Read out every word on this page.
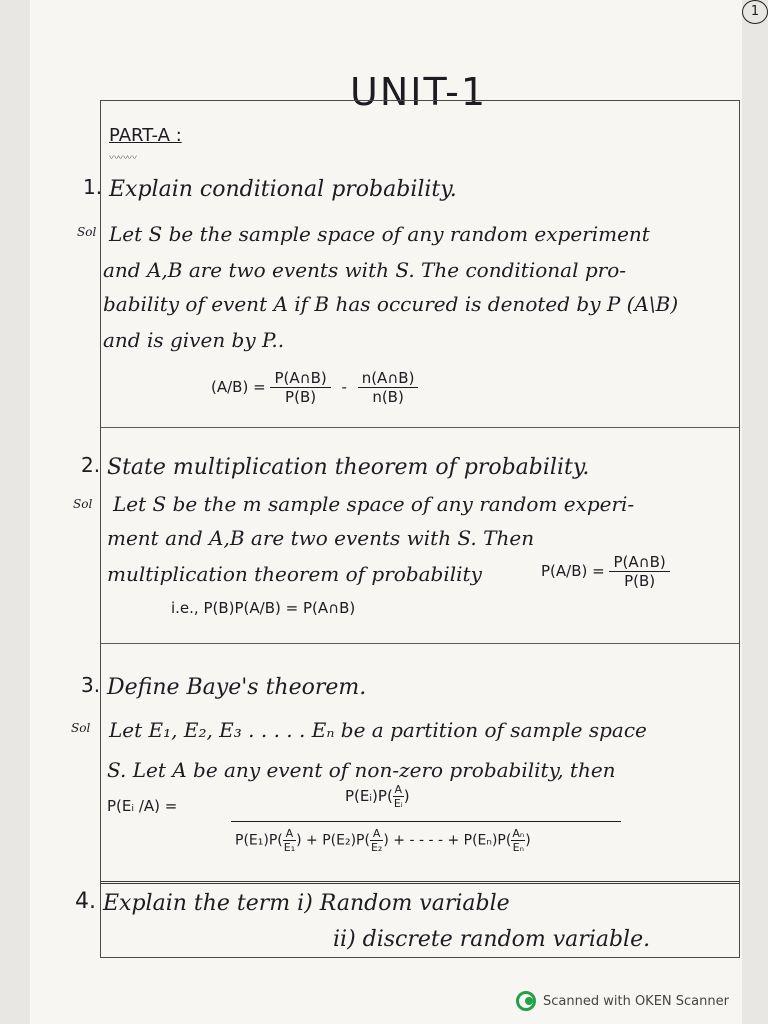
1
UNIT-1
PART-A :
〰〰〰
1. Explain conditional probability.
Sol Let S be the sample space of any random experiment
and A,B are two events with S. The conditional pro-
bability of event A if B has occured is denoted by P (A\B)
and is given by P..
$(A/B) = \frac{P(A\cap B)}{P(B)} - \frac{n(A\cap B)}{n(B)}$
2. State multiplication theorem of probability.
Sol Let S be the m sample space of any random experi-
ment and A,B are two events with S. Then
multiplication theorem of probability	$P(A/B) = \frac{P(A\cap B)}{P(B)}$
i.e., P(B)P(A/B) = P(A∩B)
3. Define Baye's theorem.
Sol Let E₁, E₂, E₃ . . . . . Eₙ be a partition of sample space
S. Let A be any event of non-zero probability, then
P(Eᵢ /A) =
P(Eᵢ)P( $\frac{A}{\text{Eᵢ}}$ )
$P(E_1)P( \frac{A}{\text{E₁}}$ ) + $P(E_2)P( \frac{A}{\text{E₂}}$ ) + - - - - + $P(E_n)P( \frac{\text{Aₙ}}{\text{Eₙ}}$ )
4. Explain the term i) Random variable
ii) discrete random variable.
Scanned with OKEN Scanner
